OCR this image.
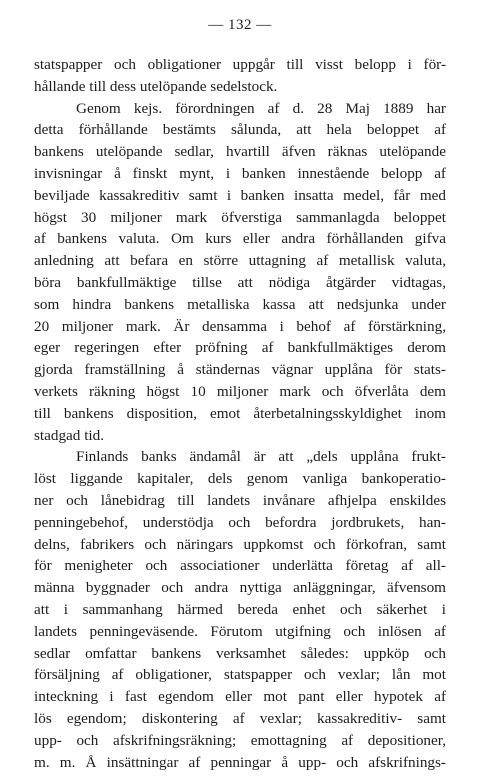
— 132 —
statspapper och obligationer uppgår till visst belopp i för-
hållande till dess utelöpande sedelstock.
Genom kejs. förordningen af d. 28 Maj 1889 har
detta förhållande bestämts sålunda, att hela beloppet af
bankens utelöpande sedlar, hvartill äfven räknas utelöpande
invisningar å finskt mynt, i banken innestående belopp af
beviljade kassakreditiv samt i banken insatta medel, får med
högst 30 miljoner mark öfverstiga sammanlagda beloppet
af bankens valuta. Om kurs eller andra förhållanden gifva
anledning att befara en större uttagning af metallisk valuta,
böra bankfullmäktige tillse att nödiga åtgärder vidtagas,
som hindra bankens metalliska kassa att nedsjunka under
20 miljoner mark. Är densamma i behof af förstärkning,
eger regeringen efter pröfning af bankfullmäktiges derom
gjorda framställning å ständernas vägnar upplåna för stats-
verkets räkning högst 10 miljoner mark och öfverlåta dem
till bankens disposition, emot återbetalningsskyldighet inom
stadgad tid.
Finlands banks ändamål är att „dels upplåna frukt-
löst liggande kapitaler, dels genom vanliga bankoperatio-
ner och lånebidrag till landets invånare afhjelpa enskildes
penningebehof, understödja och befordra jordbrukets, han-
delns, fabrikers och näringars uppkomst och förkofran, samt
för menigheter och associationer underlätta företag af all-
männa byggnader och andra nyttiga anläggningar, äfvensom
att i sammanhang härmed bereda enhet och säkerhet i
landets penningeväsende. Förutom utgifning och inlösen af
sedlar omfattar bankens verksamhet således: uppköp och
försäljning af obligationer, statspapper och vexlar; lån mot
inteckning i fast egendom eller mot pant eller hypotek af
lös egendom; diskontering af vexlar; kassakreditiv- samt
upp- och afskrifningsräkning; emottagning af depositioner,
m. m. Å insättningar af penningar å upp- och afskrifnings-
